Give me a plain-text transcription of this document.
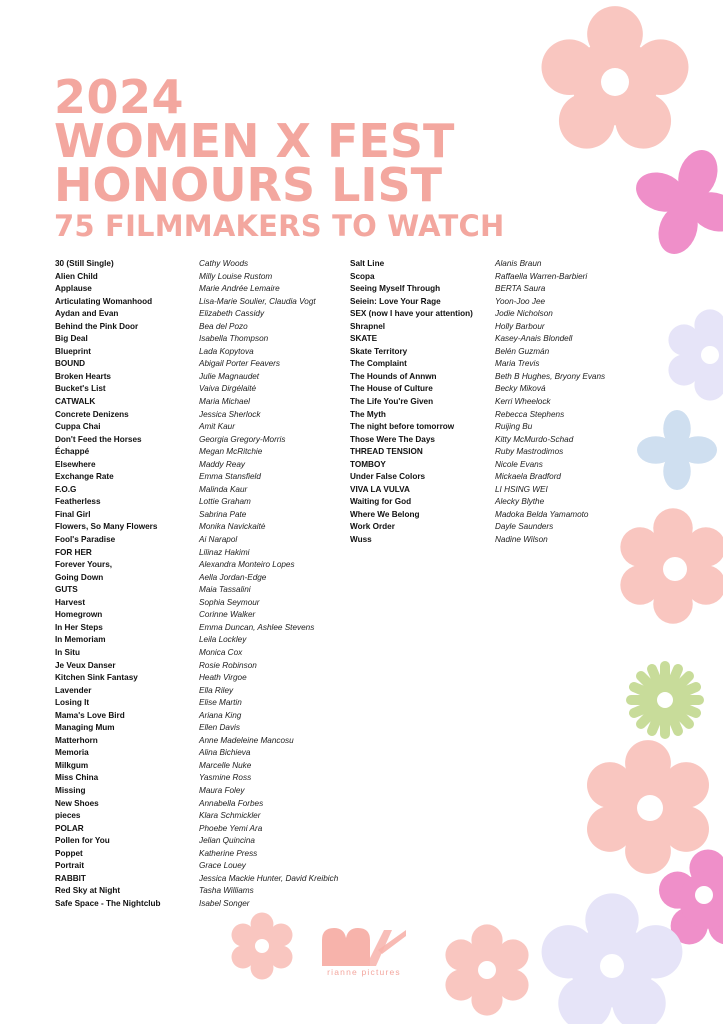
2024
WOMEN X FEST
HONOURS LIST
75 FILMMAKERS TO WATCH
30 (Still Single)
Alien Child
Applause
Articulating Womanhood
Aydan and Evan
Behind the Pink Door
Big Deal
Blueprint
BOUND
Broken Hearts
Bucket's List
CATWALK
Concrete Denizens
Cuppa Chai
Don't Feed the Horses
Échappé
Elsewhere
Exchange Rate
F.O.G
Featherless
Final Girl
Flowers, So Many Flowers
Fool's Paradise
FOR HER
Forever Yours,
Going Down
GUTS
Harvest
Homegrown
In Her Steps
In Memoriam
In Situ
Je Veux Danser
Kitchen Sink Fantasy
Lavender
Losing It
Mama's Love Bird
Managing Mum
Matterhorn
Memoria
Milkgum
Miss China
Missing
New Shoes
pieces
POLAR
Pollen for You
Poppet
Portrait
RABBIT
Red Sky at Night
Safe Space - The Nightclub
Cathy Woods
Milly Louise Rustom
Marie Andrée Lemaire
Lisa-Marie Soulier, Claudia Vogt
Elizabeth Cassidy
Bea del Pozo
Isabella Thompson
Lada Kopytova
Abigail Porter Feavers
Julie Magnaudet
Vaiva Dirgėlaitė
Maria Michael
Jessica Sherlock
Amit Kaur
Georgia Gregory-Morris
Megan McRitchie
Maddy Reay
Emma Stansfield
Malinda Kaur
Lottie Graham
Sabrina Pate
Monika Navickaitė
Ai Narapol
Lilinaz Hakimi
Alexandra Monteiro Lopes
Aella Jordan-Edge
Maia Tassalini
Sophia Seymour
Corinne Walker
Emma Duncan, Ashlee Stevens
Leila Lockley
Monica Cox
Rosie Robinson
Heath Virgoe
Ella Riley
Elise Martin
Ariana King
Ellen Davis
Anne Madeleine Mancosu
Alina Bichieva
Marcelle Nuke
Yasmine Ross
Maura Foley
Annabella Forbes
Klara Schmickler
Phoebe Yemi Ara
Jelian Quincina
Katherine Press
Grace Louey
Jessica Mackie Hunter, David Kreibich
Tasha Williams
Isabel Songer
Salt Line
Scopa
Seeing Myself Through
Seiein: Love Your Rage
SEX (now I have your attention)
Shrapnel
SKATE
Skate Territory
The Complaint
The Hounds of Annwn
The House of Culture
The Life You're Given
The Myth
The night before tomorrow
Those Were The Days
THREAD TENSION
TOMBOY
Under False Colors
VIVA LA VULVA
Waiting for God
Where We Belong
Work Order
Wuss
Alanis Braun
Raffaella Warren-Barbieri
BERTA Saura
Yoon-Joo Jee
Jodie Nicholson
Holly Barbour
Kasey-Anais Blondell
Belén Guzmán
Maria Trevis
Beth B Hughes, Bryony Evans
Becky Miková
Kerri Wheelock
Rebecca Stephens
Ruijing Bu
Kitty McMurdo-Schad
Ruby Mastrodimos
Nicole Evans
Mickaela Bradford
LI HSING WEI
Alecky Blythe
Madoka Belda Yamamoto
Dayle Saunders
Nadine Wilson
rianne pictures
